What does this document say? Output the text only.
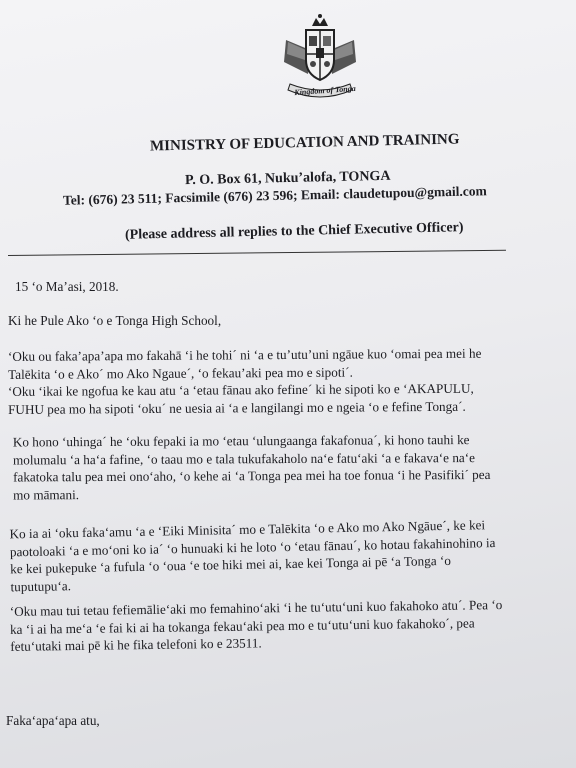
Kingdom of Tonga
MINISTRY OF EDUCATION AND TRAINING
P. O. Box 61, Nuku’alofa, TONGA
Tel: (676) 23 511; Facsimile (676) 23 596; Email: claudetupou@gmail.com
(Please address all replies to the Chief Executive Officer)
15 ‘o Ma’asi, 2018.
Ki he Pule Ako ‘o e Tonga High School,
‘Oku ou faka’apa’apa mo fakahā ‘i he tohi´ ni ‘a e tu’utu’uni ngāue kuo ‘omai pea mei he
Talēkita ‘o e Ako´ mo Ako Ngaue´, ‘o fekau’aki pea mo e sipoti´.
‘Oku ‘ikai ke ngofua ke kau atu ‘a ‘etau fānau ako fefine´ ki he sipoti ko e ‘AKAPULU,
FUHU pea mo ha sipoti ‘oku´ ne uesia ai ‘a e langilangi mo e ngeia ‘o e fefine Tonga´.
Ko hono ‘uhinga´ he ‘oku fepaki ia mo ‘etau ‘ulungaanga fakafonua´, ki hono tauhi ke
molumalu ‘a ha‘a fafine, ‘o taau mo e tala tukufakaholo na‘e fatu‘aki ‘a e fakava‘e na‘e
fakatoka talu pea mei ono‘aho, ‘o kehe ai ‘a Tonga pea mei ha toe fonua ‘i he Pasifiki´ pea
mo māmani.
Ko ia ai ‘oku faka‘amu ‘a e ‘Eiki Minisita´ mo e Talēkita ‘o e Ako mo Ako Ngāue´, ke kei
paotoloaki ‘a e mo‘oni ko ia´ ‘o hunuaki ki he loto ‘o ‘etau fānau´, ko hotau fakahinohino ia
ke kei pukepuke ‘a fufula ‘o ‘oua ‘e toe hiki mei ai, kae kei Tonga ai pē ‘a Tonga ‘o
tuputupu‘a.
‘Oku mau tui tetau fefiemālie‘aki mo femahino‘aki ‘i he tu‘utu‘uni kuo fakahoko atu´. Pea ‘o
ka ‘i ai ha me‘a ‘e fai ki ai ha tokanga fekau‘aki pea mo e tu‘utu‘uni kuo fakahoko´, pea
fetu‘utaki mai pē ki he fika telefoni ko e 23511.
Faka‘apa‘apa atu,
